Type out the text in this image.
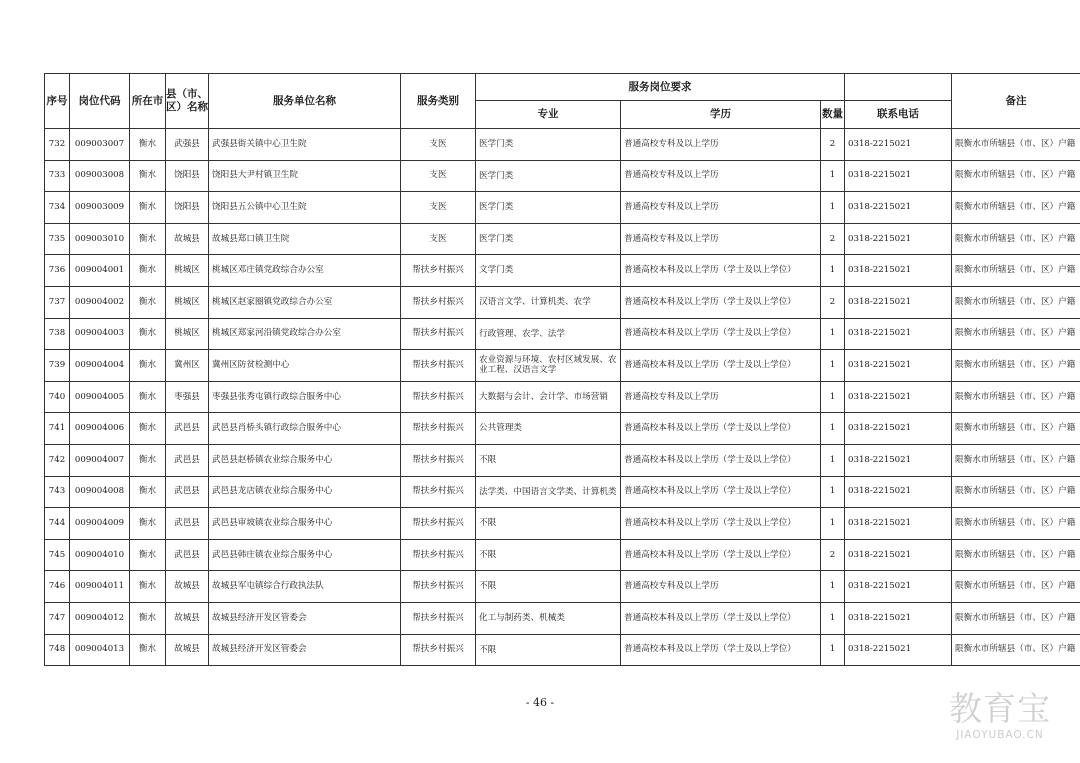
序号	岗位代码	所在市	县（市、区）名称	服务单位名称	服务类别	服务岗位要求				备注
						专业	学历	数量	联系电话	
732	009003007	衡水	武强县	武强县街关镇中心卫生院	支医	医学门类	普通高校专科及以上学历	2	0318-2215021	限衡水市所辖县（市、区）户籍
733	009003008	衡水	饶阳县	饶阳县大尹村镇卫生院	支医	医学门类	普通高校专科及以上学历	1	0318-2215021	限衡水市所辖县（市、区）户籍
734	009003009	衡水	饶阳县	饶阳县五公镇中心卫生院	支医	医学门类	普通高校专科及以上学历	1	0318-2215021	限衡水市所辖县（市、区）户籍
735	009003010	衡水	故城县	故城县郑口镇卫生院	支医	医学门类	普通高校专科及以上学历	2	0318-2215021	限衡水市所辖县（市、区）户籍
736	009004001	衡水	桃城区	桃城区邓庄镇党政综合办公室	帮扶乡村振兴	文学门类	普通高校本科及以上学历（学士及以上学位）	1	0318-2215021	限衡水市所辖县（市、区）户籍
737	009004002	衡水	桃城区	桃城区赵家圈镇党政综合办公室	帮扶乡村振兴	汉语言文学、计算机类、农学	普通高校本科及以上学历（学士及以上学位）	2	0318-2215021	限衡水市所辖县（市、区）户籍
738	009004003	衡水	桃城区	桃城区郑家河沿镇党政综合办公室	帮扶乡村振兴	行政管理、农学、法学	普通高校本科及以上学历（学士及以上学位）	1	0318-2215021	限衡水市所辖县（市、区）户籍
739	009004004	衡水	冀州区	冀州区防贫检测中心	帮扶乡村振兴	农业资源与环境、农村区域发展、农业工程、汉语言文学	普通高校本科及以上学历（学士及以上学位）	1	0318-2215021	限衡水市所辖县（市、区）户籍
740	009004005	衡水	枣强县	枣强县张秀屯镇行政综合服务中心	帮扶乡村振兴	大数据与会计、会计学、市场营销	普通高校专科及以上学历	1	0318-2215021	限衡水市所辖县（市、区）户籍
741	009004006	衡水	武邑县	武邑县肖桥头镇行政综合服务中心	帮扶乡村振兴	公共管理类	普通高校本科及以上学历（学士及以上学位）	1	0318-2215021	限衡水市所辖县（市、区）户籍
742	009004007	衡水	武邑县	武邑县赵桥镇农业综合服务中心	帮扶乡村振兴	不限	普通高校本科及以上学历（学士及以上学位）	1	0318-2215021	限衡水市所辖县（市、区）户籍
743	009004008	衡水	武邑县	武邑县龙店镇农业综合服务中心	帮扶乡村振兴	法学类、中国语言文学类、计算机类	普通高校本科及以上学历（学士及以上学位）	1	0318-2215021	限衡水市所辖县（市、区）户籍
744	009004009	衡水	武邑县	武邑县审坡镇农业综合服务中心	帮扶乡村振兴	不限	普通高校本科及以上学历（学士及以上学位）	1	0318-2215021	限衡水市所辖县（市、区）户籍
745	009004010	衡水	武邑县	武邑县韩庄镇农业综合服务中心	帮扶乡村振兴	不限	普通高校本科及以上学历（学士及以上学位）	2	0318-2215021	限衡水市所辖县（市、区）户籍
746	009004011	衡水	故城县	故城县军屯镇综合行政执法队	帮扶乡村振兴	不限	普通高校专科及以上学历	1	0318-2215021	限衡水市所辖县（市、区）户籍
747	009004012	衡水	故城县	故城县经济开发区管委会	帮扶乡村振兴	化工与制药类、机械类	普通高校本科及以上学历（学士及以上学位）	1	0318-2215021	限衡水市所辖县（市、区）户籍
748	009004013	衡水	故城县	故城县经济开发区管委会	帮扶乡村振兴	不限	普通高校本科及以上学历（学士及以上学位）	1	0318-2215021	限衡水市所辖县（市、区）户籍
- 46 -	教育宝
JIAOYUBAO.CN
